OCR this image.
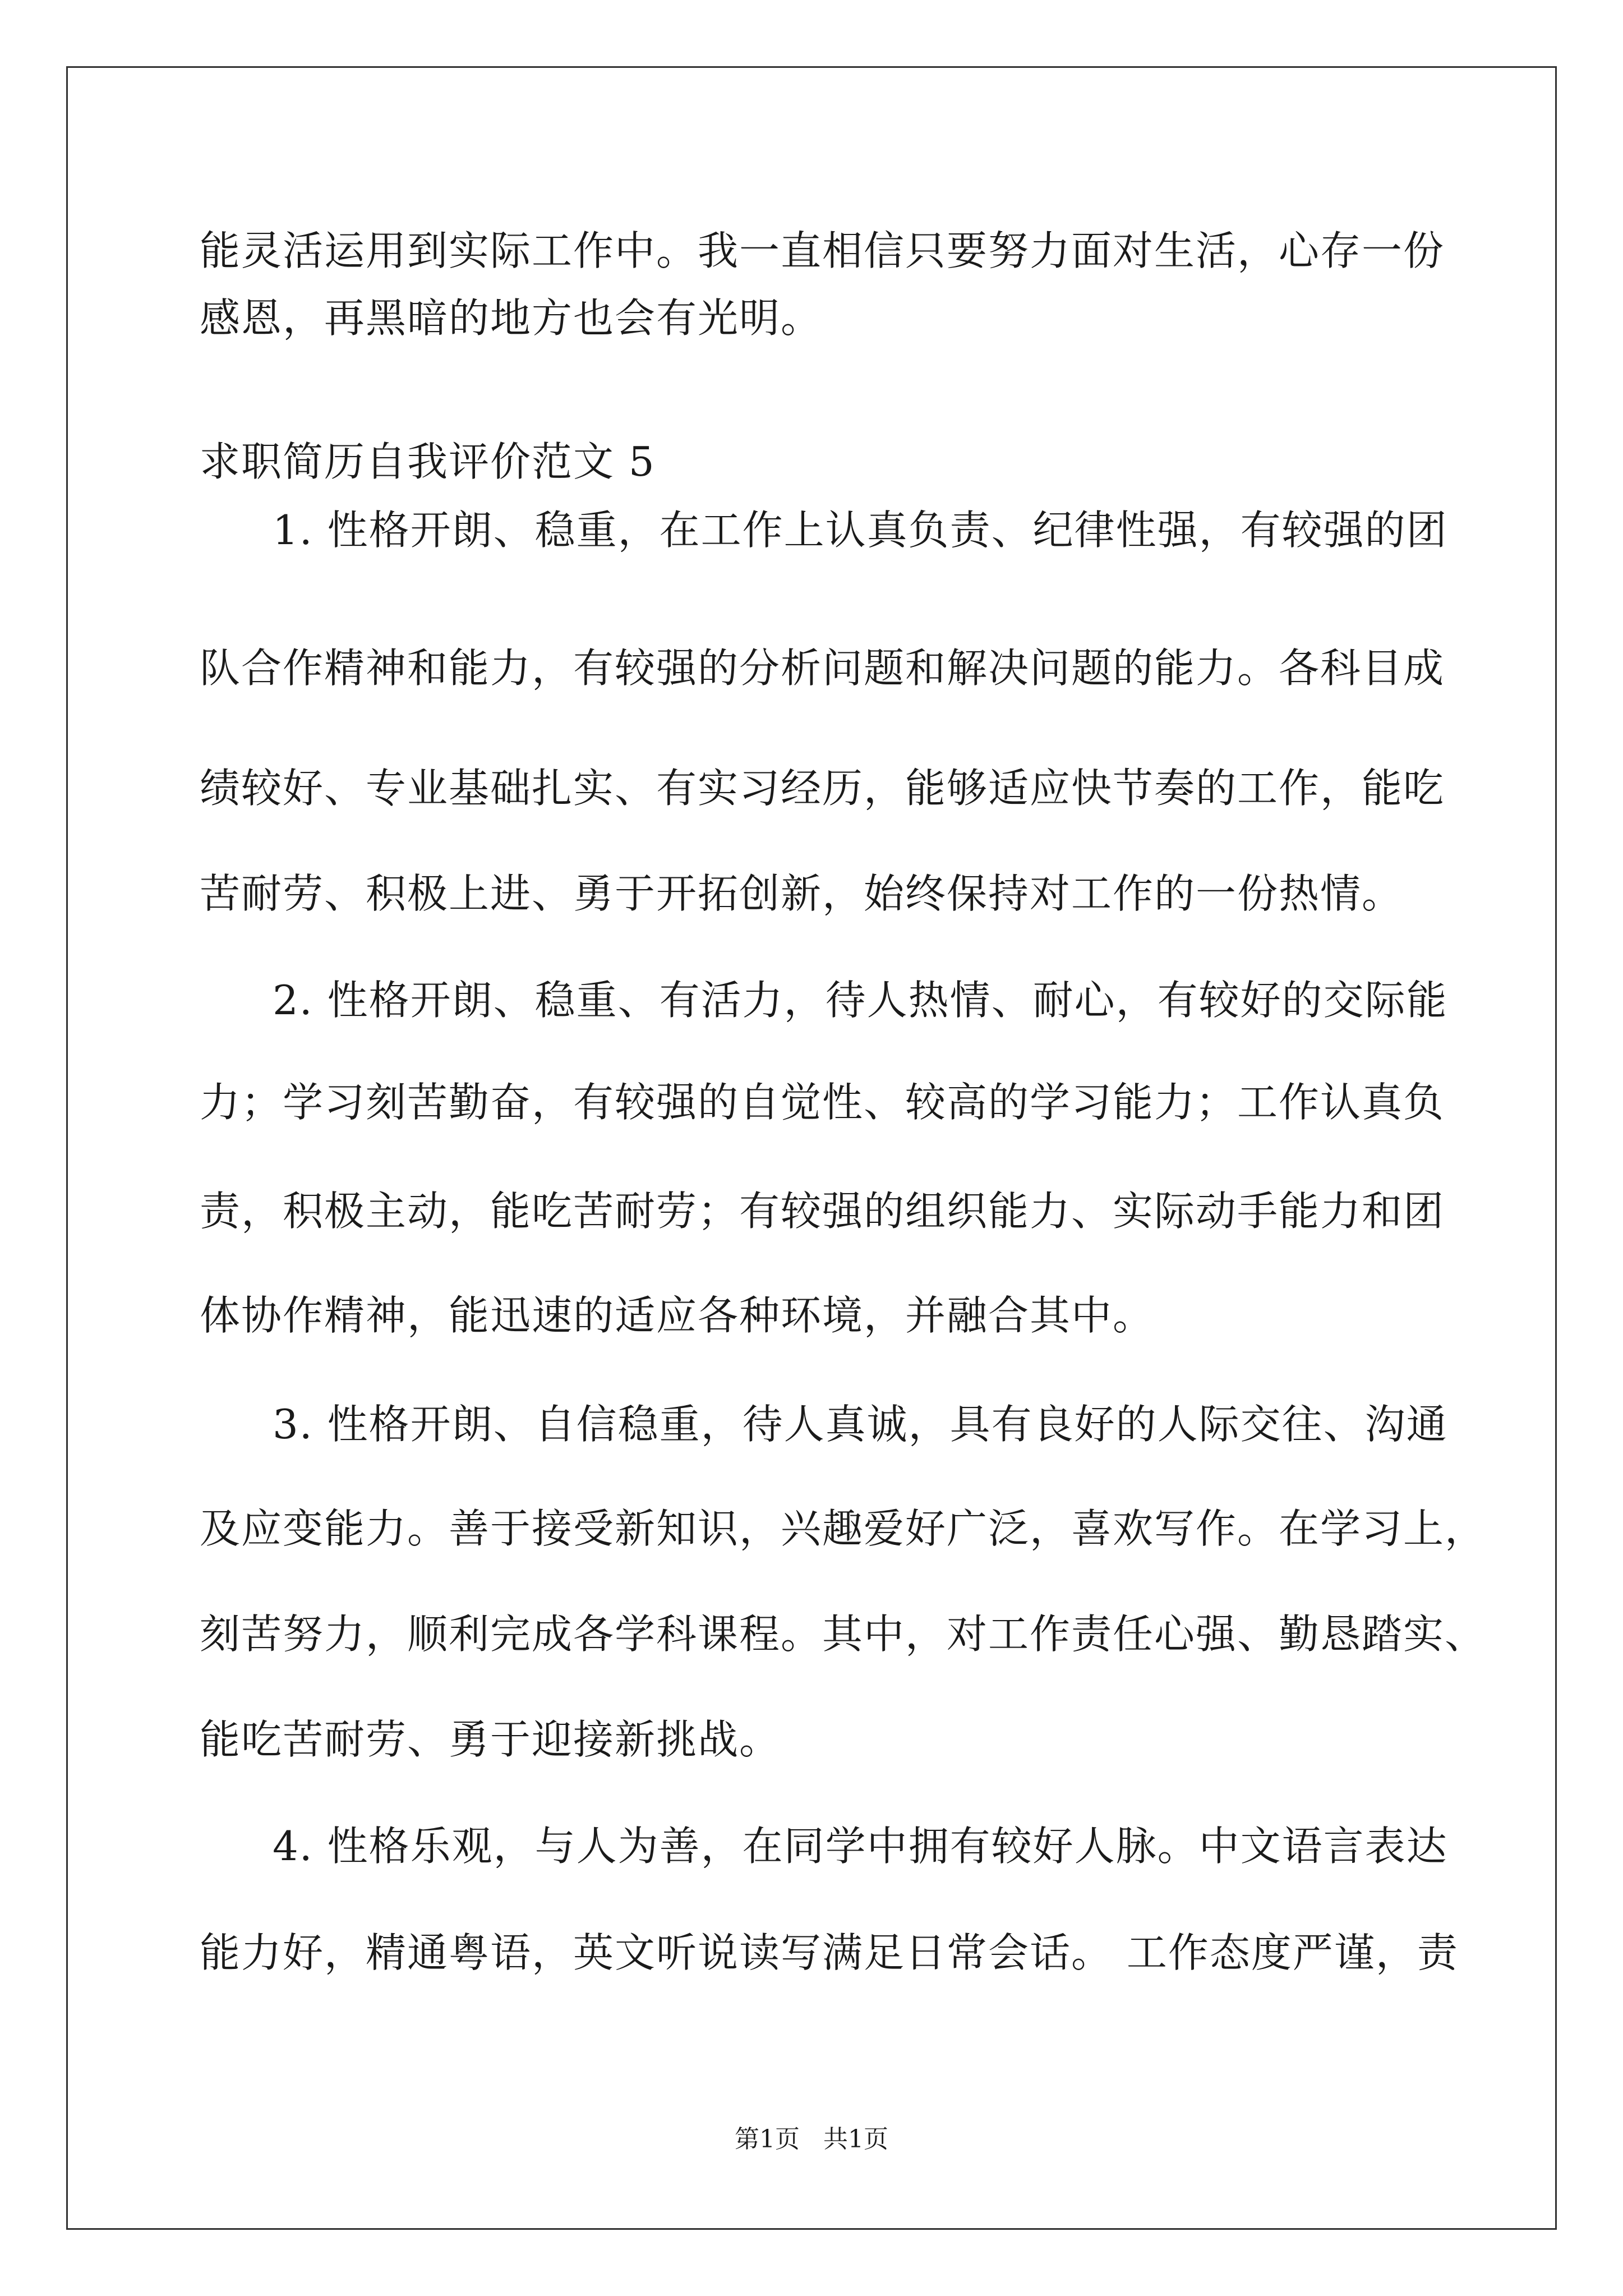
能灵活运用到实际工作中。我一直相信只要努力面对生活，心存一份
感恩，再黑暗的地方也会有光明。
求职简历自我评价范文 5
1. 性格开朗、稳重，在工作上认真负责、纪律性强，有较强的团
队合作精神和能力，有较强的分析问题和解决问题的能力。各科目成
绩较好、专业基础扎实、有实习经历，能够适应快节奏的工作，能吃
苦耐劳、积极上进、勇于开拓创新，始终保持对工作的一份热情。
2. 性格开朗、稳重、有活力，待人热情、耐心，有较好的交际能
力；学习刻苦勤奋，有较强的自觉性、较高的学习能力；工作认真负
责，积极主动，能吃苦耐劳；有较强的组织能力、实际动手能力和团
体协作精神，能迅速的适应各种环境，并融合其中。
3. 性格开朗、自信稳重，待人真诚，具有良好的人际交往、沟通
及应变能力。善于接受新知识，兴趣爱好广泛，喜欢写作。在学习上，
刻苦努力，顺利完成各学科课程。其中，对工作责任心强、勤恳踏实、
能吃苦耐劳、勇于迎接新挑战。
4. 性格乐观，与人为善，在同学中拥有较好人脉。中文语言表达
能力好，精通粤语，英文听说读写满足日常会话。 工作态度严谨，责
第1页   共1页
